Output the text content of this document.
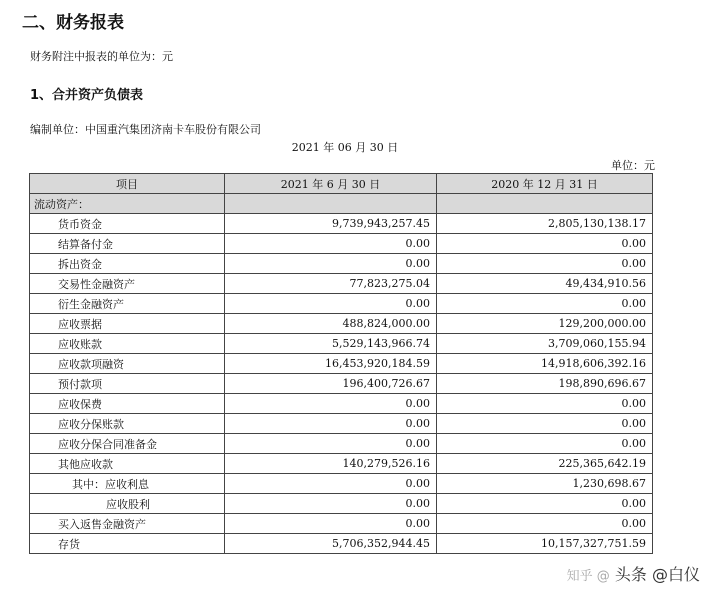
二、财务报表
财务附注中报表的单位为：元
1、合并资产负债表
编制单位：中国重汽集团济南卡车股份有限公司
2021 年 06 月 30 日
单位：元
项目	2021 年 6 月 30 日	2020 年 12 月 31 日
流动资产：		
货币资金	9,739,943,257.45	2,805,130,138.17
结算备付金	0.00	0.00
拆出资金	0.00	0.00
交易性金融资产	77,823,275.04	49,434,910.56
衍生金融资产	0.00	0.00
应收票据	488,824,000.00	129,200,000.00
应收账款	5,529,143,966.74	3,709,060,155.94
应收款项融资	16,453,920,184.59	14,918,606,392.16
预付款项	196,400,726.67	198,890,696.67
应收保费	0.00	0.00
应收分保账款	0.00	0.00
应收分保合同准备金	0.00	0.00
其他应收款	140,279,526.16	225,365,642.19
其中：应收利息	0.00	1,230,698.67
应收股利	0.00	0.00
买入返售金融资产	0.00	0.00
存货	5,706,352,944.45	10,157,327,751.59
知乎 @ 头条 @白仪
